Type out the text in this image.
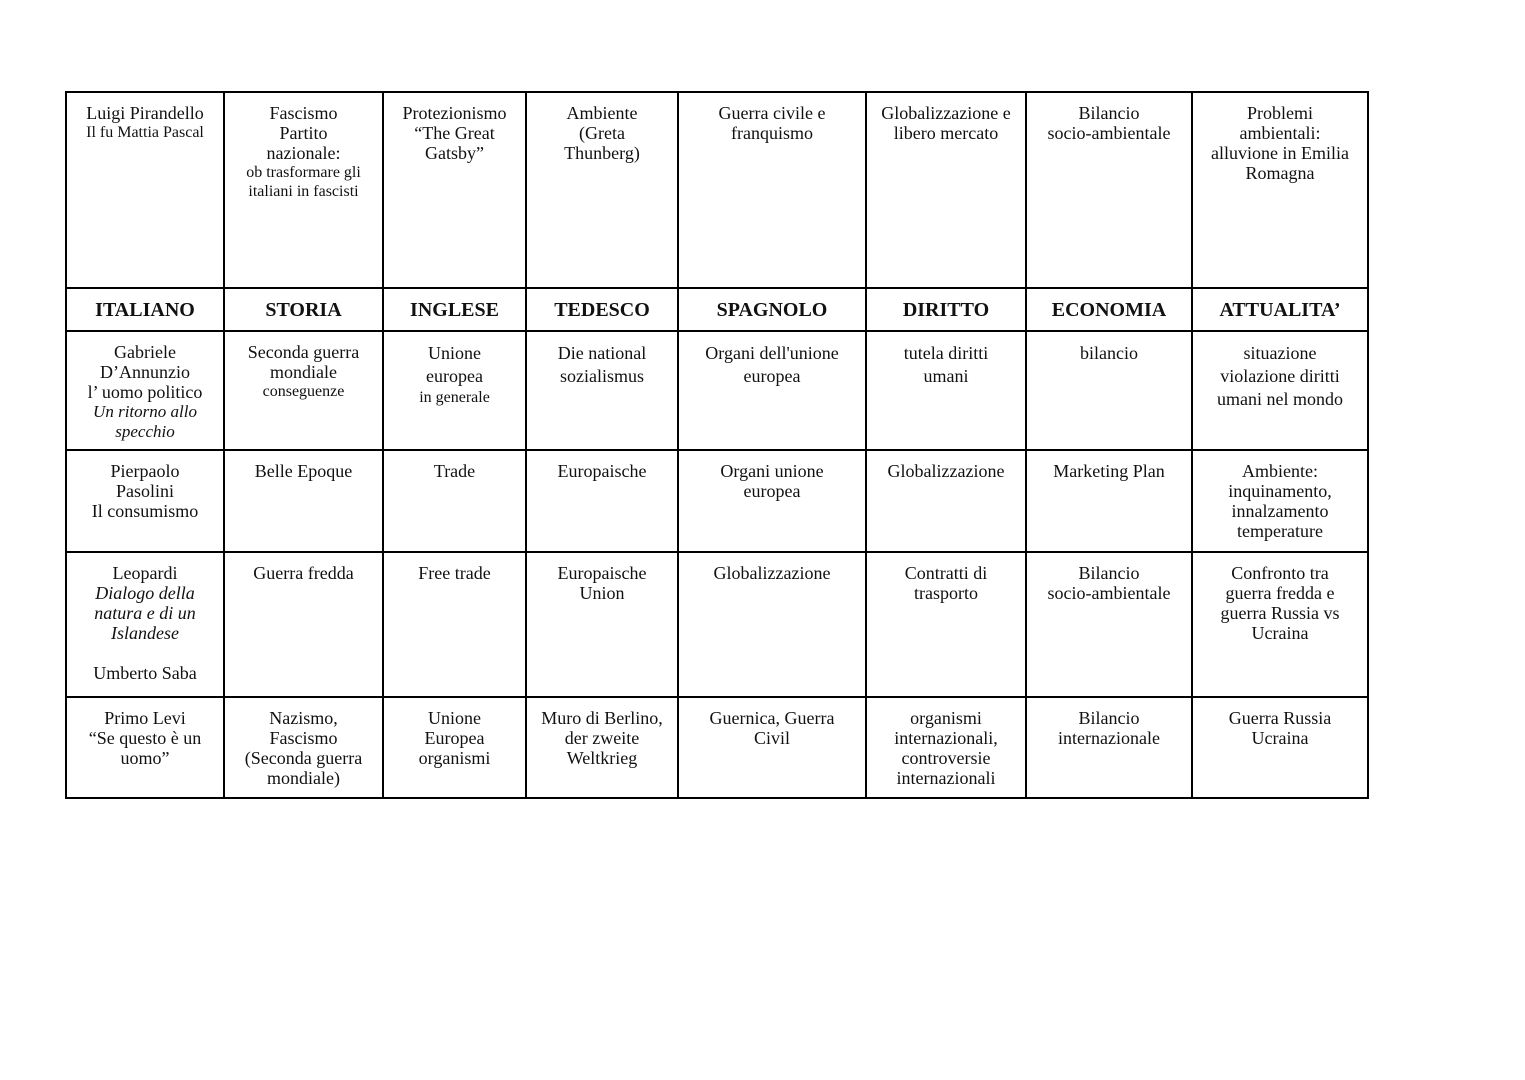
Luigi Pirandello
Il fu Mattia Pascal	Fascismo
Partito
nazionale:
ob trasformare gli
italiani in fascisti	Protezionismo
“The Great
Gatsby”	Ambiente
(Greta
Thunberg)	Guerra civile e
franquismo	Globalizzazione e
libero mercato	Bilancio
socio-ambientale	Problemi
ambientali:
alluvione in Emilia
Romagna

ITALIANO	STORIA	INGLESE	TEDESCO	SPAGNOLO	DIRITTO	ECONOMIA	ATTUALITA’

Gabriele
D’Annunzio
l’ uomo politico
Un ritorno allo
specchio	Seconda guerra
mondiale
conseguenze	Unione
europea
in generale	Die national
sozialismus	Organi dell'unione
europea	tutela diritti
umani	bilancio	situazione
violazione diritti
umani nel mondo

Pierpaolo
Pasolini
Il consumismo	Belle Epoque	Trade	Europaische	Organi unione
europea	Globalizzazione	Marketing Plan	Ambiente:
inquinamento,
innalzamento
temperature

Leopardi
Dialogo della
natura e di un
Islandese
Umberto Saba	Guerra fredda	Free trade	Europaische
Union	Globalizzazione	Contratti di
trasporto	Bilancio
socio-ambientale	Confronto tra
guerra fredda e
guerra Russia vs
Ucraina

Primo Levi
“Se questo è un
uomo”	Nazismo,
Fascismo
(Seconda guerra
mondiale)	Unione
Europea
organismi	Muro di Berlino,
der zweite
Weltkrieg	Guernica, Guerra
Civil	organismi
internazionali,
controversie
internazionali	Bilancio
internazionale	Guerra Russia
Ucraina
